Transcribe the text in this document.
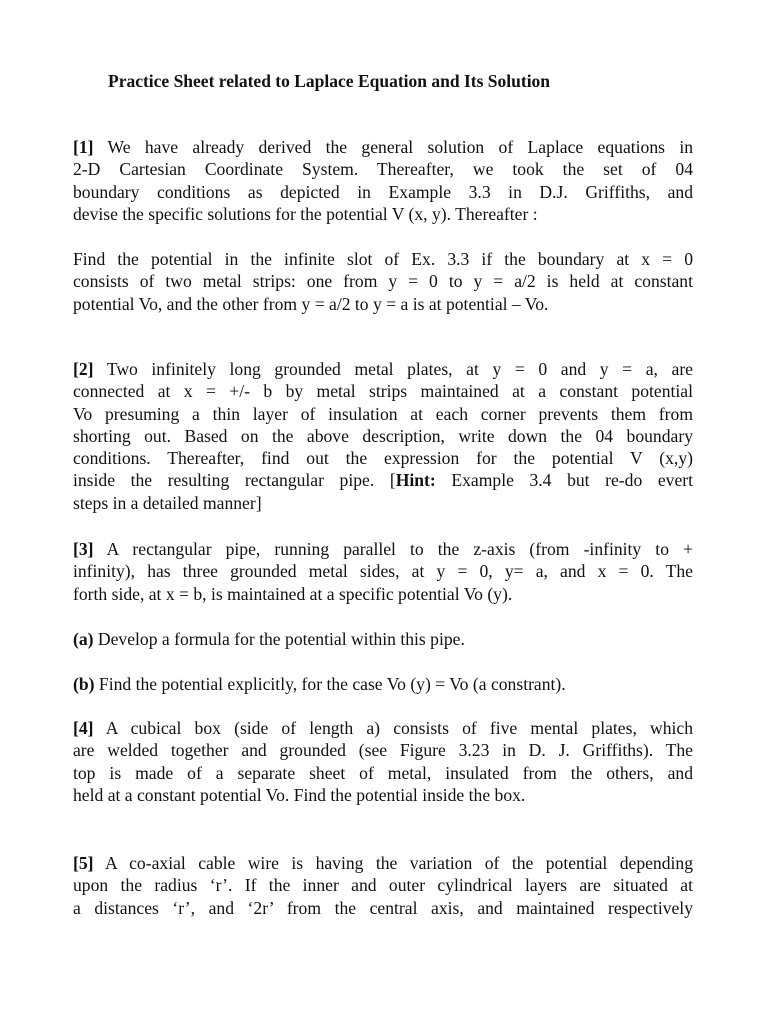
Practice Sheet related to Laplace Equation and Its Solution
[1] We have already derived the general solution of Laplace equations in
2-D Cartesian Coordinate System. Thereafter, we took the set of 04
boundary conditions as depicted in Example 3.3 in D.J. Griffiths, and
devise the specific solutions for the potential V (x, y). Thereafter :
Find the potential in the infinite slot of Ex. 3.3 if the boundary at x = 0
consists of two metal strips: one from y = 0 to y = a/2 is held at constant
potential Vo, and the other from y = a/2 to y = a is at potential – Vo.
[2] Two infinitely long grounded metal plates, at y = 0 and y = a, are
connected at x = +/- b by metal strips maintained at a constant potential
Vo presuming a thin layer of insulation at each corner prevents them from
shorting out. Based on the above description, write down the 04 boundary
conditions. Thereafter, find out the expression for the potential V (x,y)
inside the resulting rectangular pipe. [Hint: Example 3.4 but re-do evert
steps in a detailed manner]
[3] A rectangular pipe, running parallel to the z-axis (from -infinity to +
infinity), has three grounded metal sides, at y = 0, y= a, and x = 0. The
forth side, at x = b, is maintained at a specific potential Vo (y).
(a) Develop a formula for the potential within this pipe.
(b) Find the potential explicitly, for the case Vo (y) = Vo (a constrant).
[4] A cubical box (side of length a) consists of five mental plates, which
are welded together and grounded (see Figure 3.23 in D. J. Griffiths). The
top is made of a separate sheet of metal, insulated from the others, and
held at a constant potential Vo. Find the potential inside the box.
[5] A co-axial cable wire is having the variation of the potential depending
upon the radius ‘r’. If the inner and outer cylindrical layers are situated at
a distances ‘r’, and ‘2r’ from the central axis, and maintained respectively
